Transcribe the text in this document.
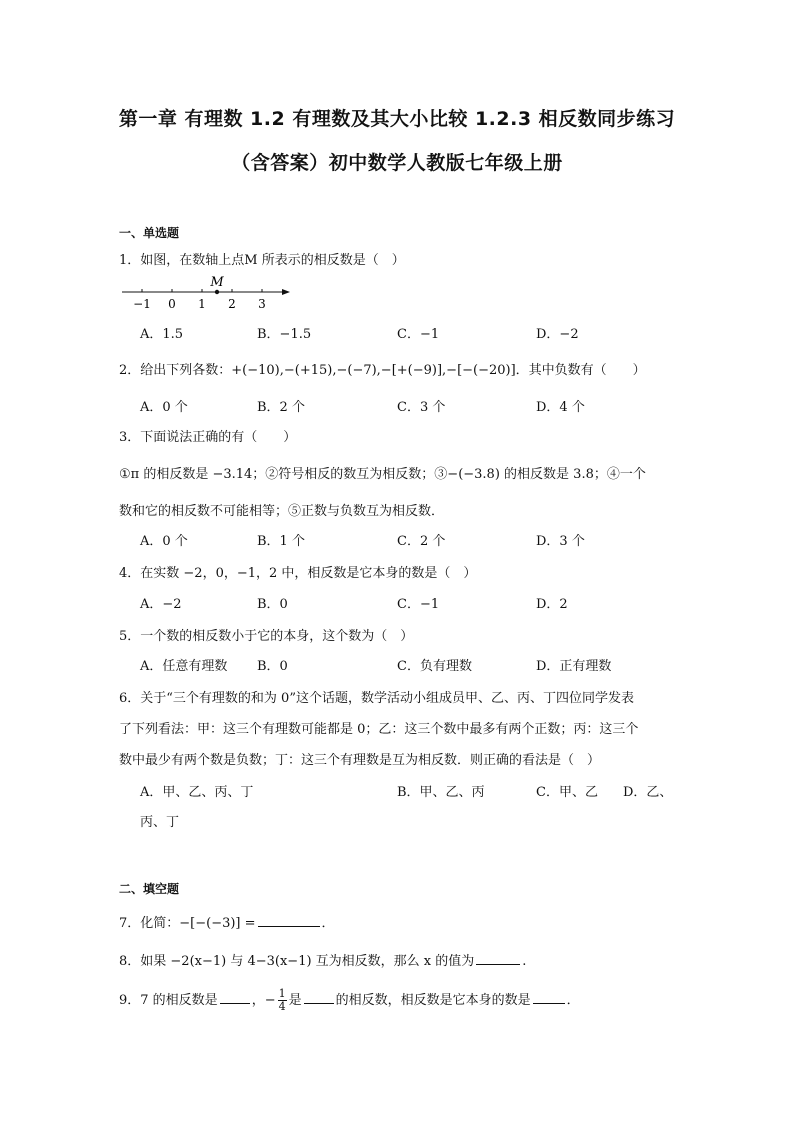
第一章 有理数 1.2 有理数及其大小比较 1.2.3 相反数同步练习
（含答案）初中数学人教版七年级上册
一、单选题
1．如图，在数轴上点M 所表示的相反数是（　）
−1 0 1 2 3
M
A．1.5	B．−1.5	C．−1	D．−2
2．给出下列各数：+(−10),−(+15),−(−7),−[+(−9)],−[−(−20)]．其中负数有（　　）
A．0 个	B．2 个	C．3 个	D．4 个
3．下面说法正确的有（　　）
①π 的相反数是 −3.14；②符号相反的数互为相反数；③−(−3.8) 的相反数是 3.8；④一个
数和它的相反数不可能相等；⑤正数与负数互为相反数．
A．0 个	B．1 个	C．2 个	D．3 个
4．在实数 −2，0，−1，2 中，相反数是它本身的数是（　）
A．−2	B．0	C．−1	D．2
5．一个数的相反数小于它的本身，这个数为（　）
A．任意有理数 B．0	C．负有理数	D．正有理数
6．关于“三个有理数的和为 0”这个话题，数学活动小组成员甲、乙、丙、丁四位同学发表
了下列看法：甲：这三个有理数可能都是 0；乙：这三个数中最多有两个正数；丙：这三个
数中最少有两个数是负数；丁：这三个有理数是互为相反数．则正确的看法是（　）
A．甲、乙、丙、丁	B．甲、乙、丙	C．甲、乙 D．乙、
丙、丁
二、填空题
7．化简：−[−(−3)] =	．
8．如果 −2(x−1) 与 4−3(x−1) 互为相反数，那么 x 的值为	.
9．7 的相反数是	，− $\frac{1}{4}$ 是	的相反数，相反数是它本身的数是	．
